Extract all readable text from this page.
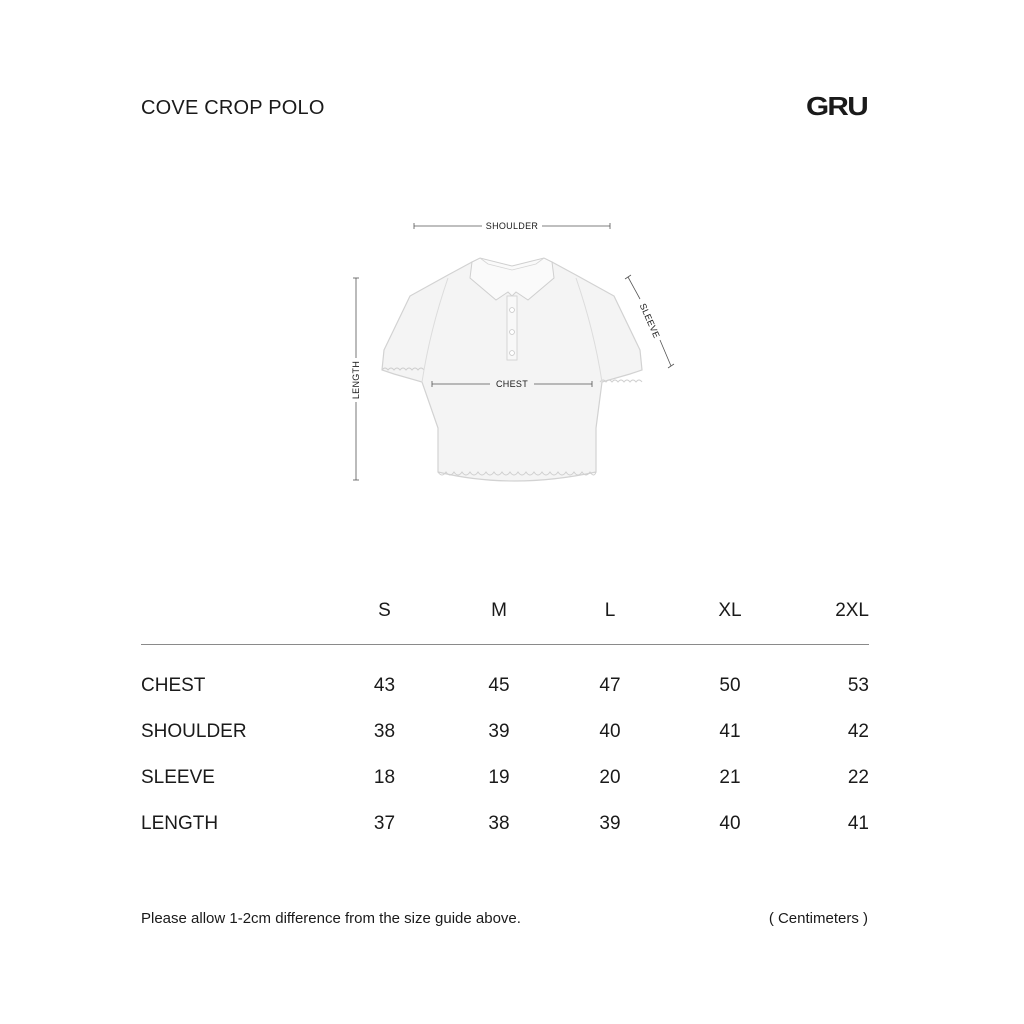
COVE CROP POLO	GRU
SHOULDER
LENGTH
SLEEVE
CHEST
	S	M	L	XL	2XL
CHEST	43	45	47	50	53
SHOULDER	38	39	40	41	42
SLEEVE	18	19	20	21	22
LENGTH	37	38	39	40	41
Please allow 1-2cm difference from the size guide above.	( Centimeters )
